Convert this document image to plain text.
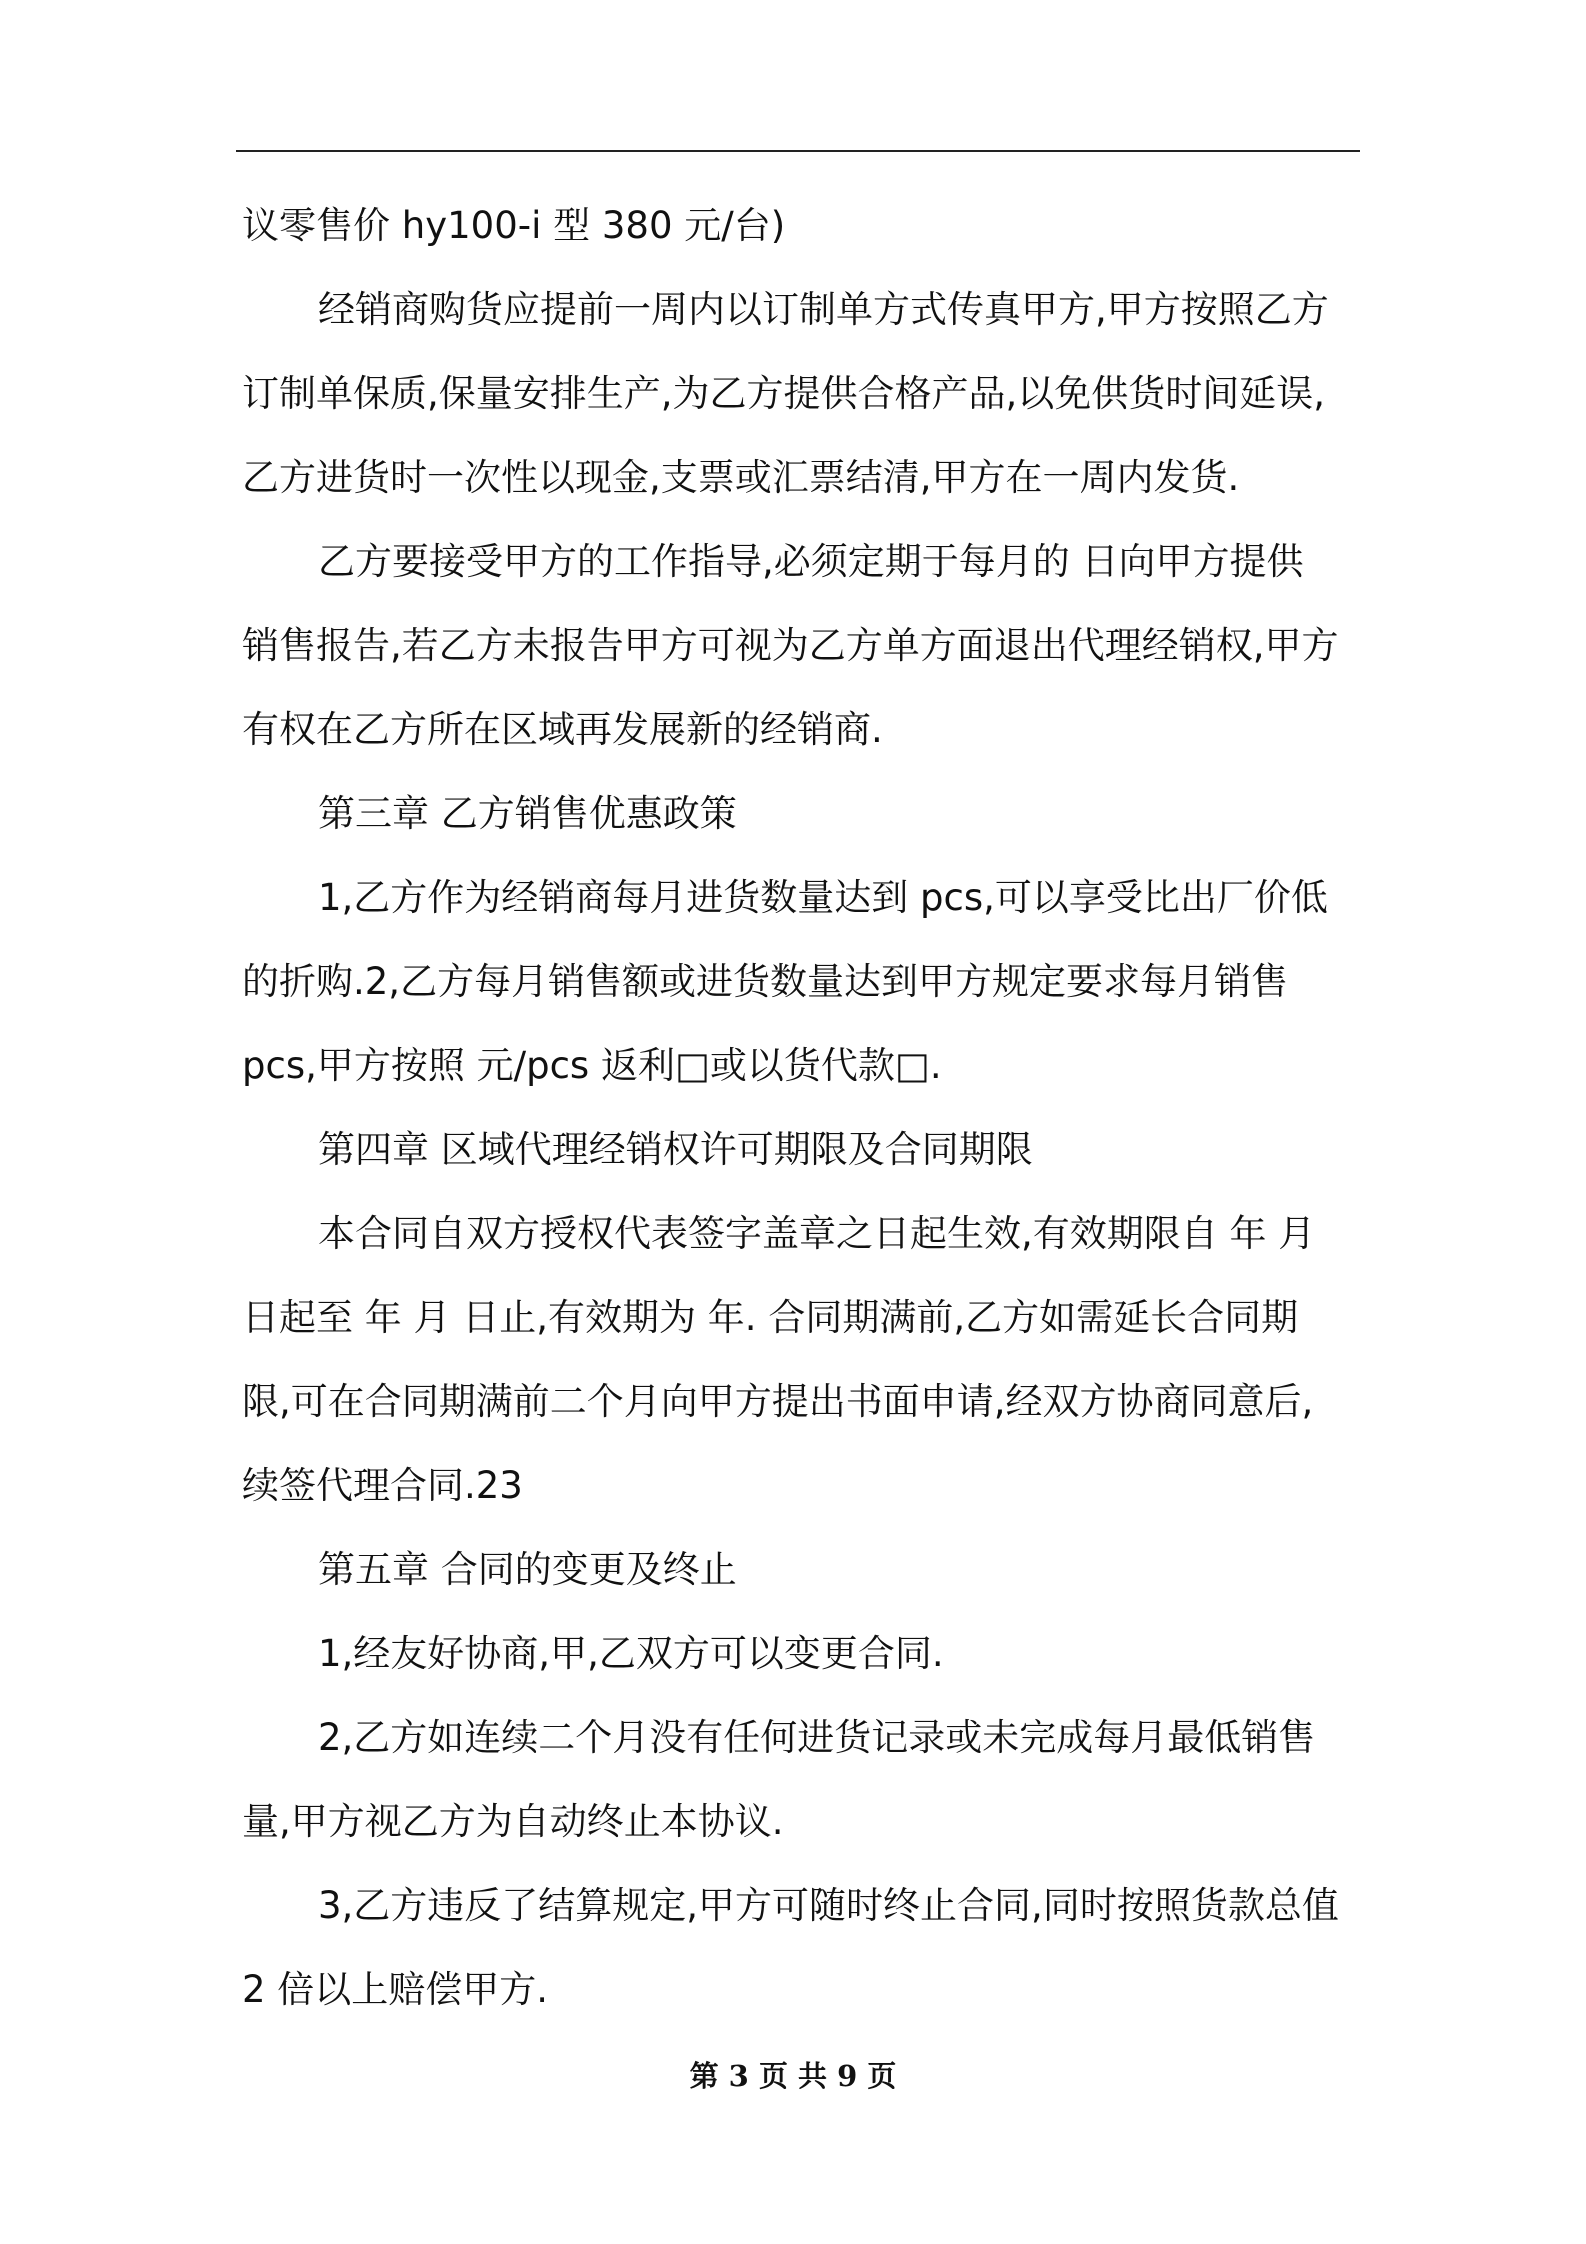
议零售价 hy100-i 型 380 元/台)
经销商购货应提前一周内以订制单方式传真甲方,甲方按照乙方
订制单保质,保量安排生产,为乙方提供合格产品,以免供货时间延误,
乙方进货时一次性以现金,支票或汇票结清,甲方在一周内发货.
乙方要接受甲方的工作指导,必须定期于每月的 日向甲方提供
销售报告,若乙方未报告甲方可视为乙方单方面退出代理经销权,甲方
有权在乙方所在区域再发展新的经销商.
第三章 乙方销售优惠政策
1,乙方作为经销商每月进货数量达到 pcs,可以享受比出厂价低
的折购.2,乙方每月销售额或进货数量达到甲方规定要求每月销售
pcs,甲方按照 元/pcs 返利□或以货代款□.
第四章 区域代理经销权许可期限及合同期限
本合同自双方授权代表签字盖章之日起生效,有效期限自 年 月
日起至 年 月 日止,有效期为 年. 合同期满前,乙方如需延长合同期
限,可在合同期满前二个月向甲方提出书面申请,经双方协商同意后,
续签代理合同.23
第五章 合同的变更及终止
1,经友好协商,甲,乙双方可以变更合同.
2,乙方如连续二个月没有任何进货记录或未完成每月最低销售
量,甲方视乙方为自动终止本协议.
3,乙方违反了结算规定,甲方可随时终止合同,同时按照货款总值
2 倍以上赔偿甲方.
第 3 页 共 9 页
